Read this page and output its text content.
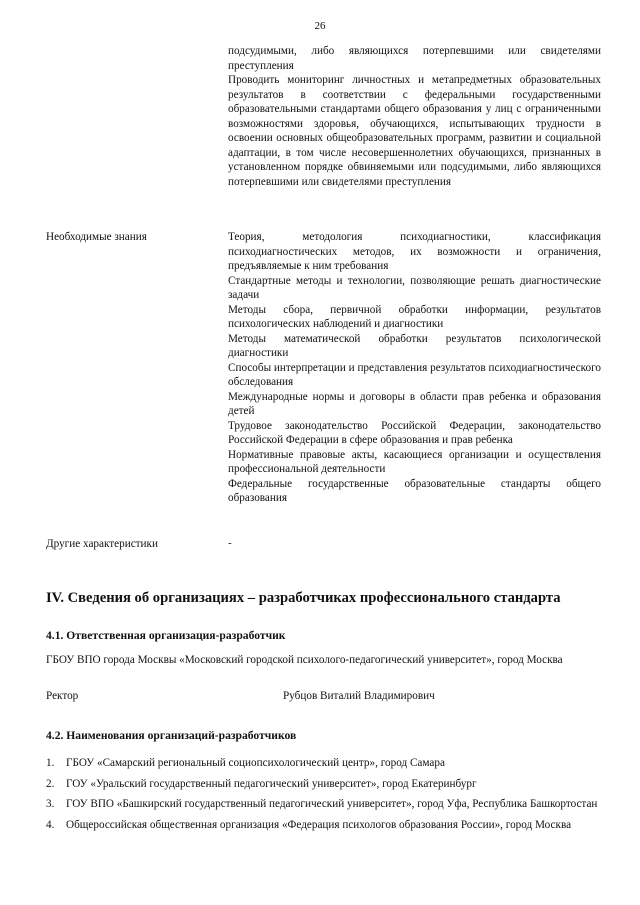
26
подсудимыми, либо являющихся потерпевшими или свидетелями преступления
Проводить мониторинг личностных и метапредметных образовательных результатов в соответствии с федеральными государственными образовательными стандартами общего образования у лиц с ограниченными возможностями здоровья, обучающихся, испытывающих трудности в освоении основных общеобразовательных программ, развитии и социальной адаптации, в том числе несовершеннолетних обучающихся, признанных в установленном порядке обвиняемыми или подсудимыми, либо являющихся потерпевшими или свидетелями преступления
Необходимые знания	Теория, методология психодиагностики, классификация психодиагностических методов, их возможности и ограничения, предъявляемые к ним требования
Стандартные методы и технологии, позволяющие решать диагностические задачи
Методы сбора, первичной обработки информации, результатов психологических наблюдений и диагностики
Методы математической обработки результатов психологической диагностики
Способы интерпретации и представления результатов психодиагностического обследования
Международные нормы и договоры в области прав ребенка и образования детей
Трудовое законодательство Российской Федерации, законодательство Российской Федерации в сфере образования и прав ребенка
Нормативные правовые акты, касающиеся организации и осуществления профессиональной деятельности
Федеральные государственные образовательные стандарты общего образования
Другие характеристики	-
IV. Сведения об организациях – разработчиках профессионального стандарта
4.1. Ответственная организация-разработчик
ГБОУ ВПО города Москвы «Московский городской психолого-педагогический университет», город Москва
Ректор	Рубцов Виталий Владимирович
4.2. Наименования организаций-разработчиков
1.	ГБОУ «Самарский региональный социопсихологический центр», город Самара
2.	ГОУ «Уральский государственный педагогический университет», город Екатеринбург
3.	ГОУ ВПО «Башкирский государственный педагогический университет», город Уфа, Республика Башкортостан
4.	Общероссийская общественная организация «Федерация психологов образования России», город Москва
